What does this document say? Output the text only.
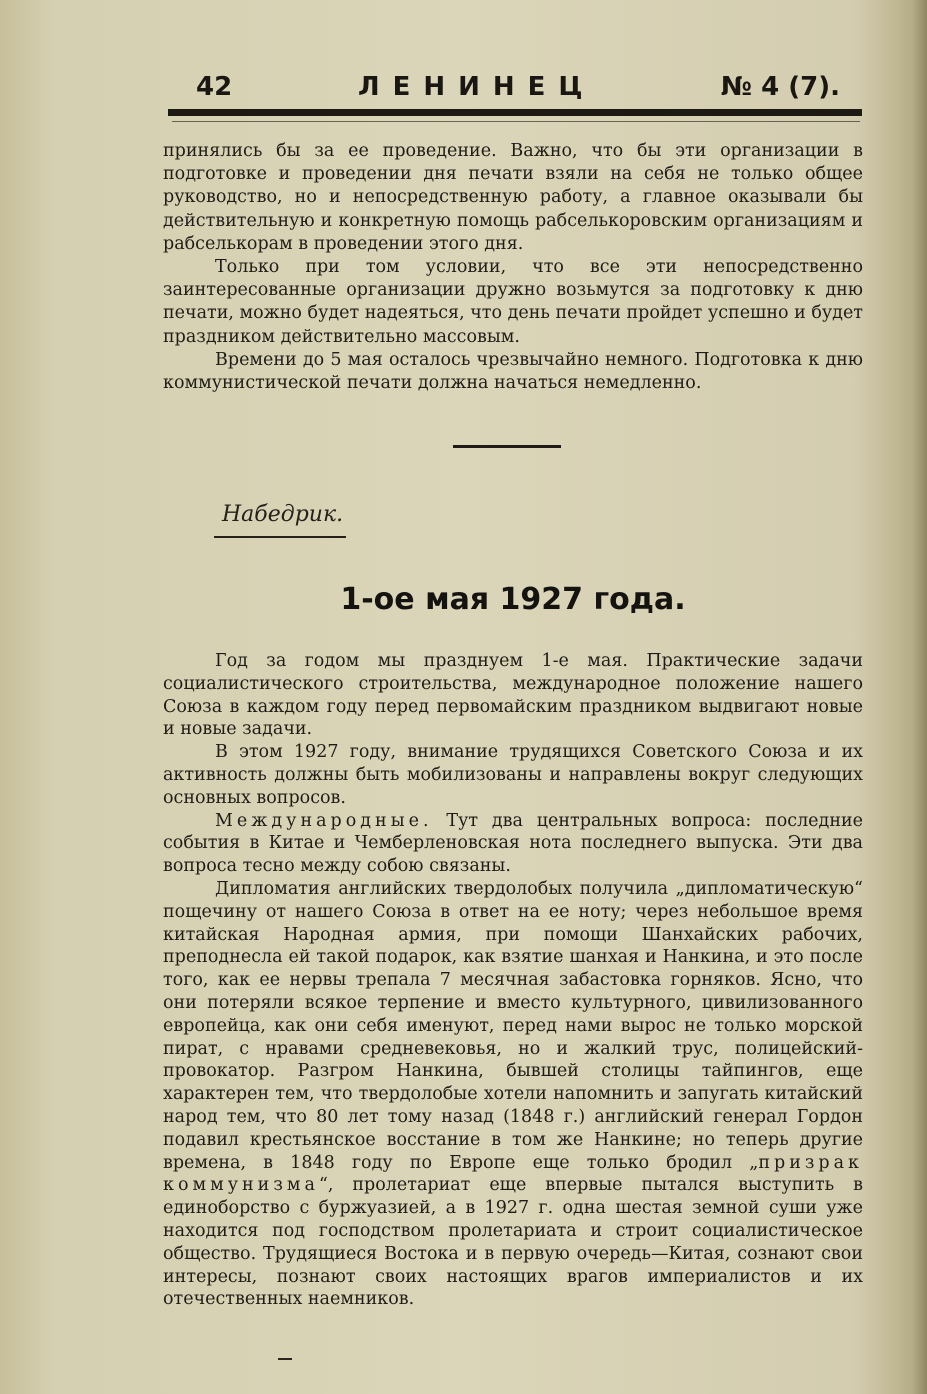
42	ЛЕНИНЕЦ	№ 4 (7).

принялись бы за ее проведение. Важно, что бы эти организации в подготовке и проведении дня печати взяли на себя не только общее руководство, но и непосредственную работу, а главное оказывали бы действительную и конкретную помощь рабселькоровским организациям и рабселькорам в проведении этого дня.

Только при том условии, что все эти непосредственно заинтересованные организации дружно возьмутся за подготовку к дню печати, можно будет надеяться, что день печати пройдет успешно и будет праздником действительно массовым.

Времени до 5 мая осталось чрезвычайно немного. Подготовка к дню коммунистической печати должна начаться немедленно.

Набедрик.
1-ое мая 1927 года.

Год за годом мы празднуем 1-е мая. Практические задачи социалистического строительства, международное положение нашего Союза в каждом году перед первомайским праздником выдвигают новые и новые задачи.

В этом 1927 году, внимание трудящихся Советского Союза и их активность должны быть мобилизованы и направлены вокруг следующих основных вопросов.

Международные. Тут два центральных вопроса: последние события в Китае и Чемберленовская нота последнего выпуска. Эти два вопроса тесно между собою связаны.

Дипломатия английских твердолобых получила „дипломатическую“ пощечину от нашего Союза в ответ на ее ноту; через небольшое время китайская Народная армия, при помощи Шанхайских рабочих, преподнесла ей такой подарок, как взятие шанхая и Нанкина, и это после того, как ее нервы трепала 7 месячная забастовка горняков. Ясно, что они потеряли всякое терпение и вместо культурного, цивилизованного европейца, как они себя именуют, перед нами вырос не только морской пират, с нравами средневековья, но и жалкий трус, полицейский-провокатор. Разгром Нанкина, бывшей столицы тайпингов, еще характерен тем, что твердолобые хотели напомнить и запугать китайский народ тем, что 80 лет тому назад (1848 г.) английский генерал Гордон подавил крестьянское восстание в том же Нанкине; но теперь другие времена, в 1848 году по Европе еще только бродил „призрак коммунизма“, пролетариат еще впервые пытался выступить в единоборство с буржуазией, а в 1927 г. одна шестая земной суши уже находится под господством пролетариата и строит социалистическое общество. Трудящиеся Востока и в первую очередь—Китая, сознают свои интересы, познают своих настоящих врагов империалистов и их отечественных наемников.
